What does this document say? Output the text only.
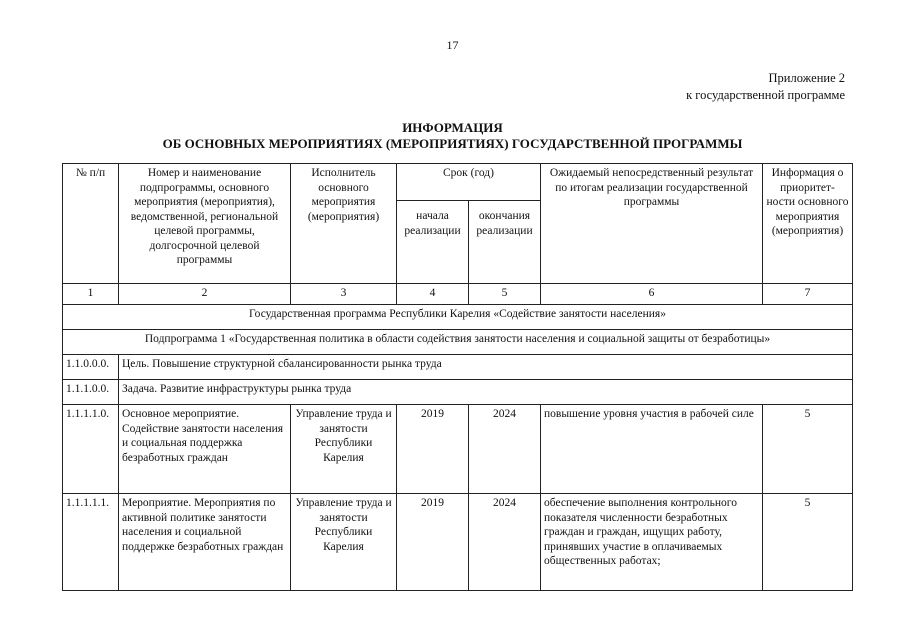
17
Приложение 2
к государственной программе
ИНФОРМАЦИЯ
ОБ ОСНОВНЫХ МЕРОПРИЯТИЯХ (МЕРОПРИЯТИЯХ) ГОСУДАРСТВЕННОЙ ПРОГРАММЫ
№ п/п	Номер и наименование подпрограммы, основного мероприятия (мероприятия), ведомственной, региональной целевой программы, долгосрочной целевой программы	Исполнитель основного мероприятия (мероприятия)	Срок (год)		Ожидаемый непосредственный результат по итогам реализации государственной программы	Информация о приоритет-ности основного мероприятия (мероприятия)
			начала реализации	окончания реализации		
1	2	3	4	5	6	7
Государственная программа Республики Карелия «Содействие занятости населения»						
Подпрограмма 1 «Государственная политика в области содействия занятости населения и социальной защиты от безработицы»						
1.1.0.0.0.	Цель. Повышение структурной сбалансированности рынка труда					
1.1.1.0.0.	Задача. Развитие инфраструктуры рынка труда					
1.1.1.1.0.	Основное мероприятие. Содействие занятости населения и социальная поддержка безработных граждан	Управление труда и занятости Республики Карелия	2019	2024	повышение уровня участия в рабочей силе	5
1.1.1.1.1.	Мероприятие. Мероприятия по активной политике занятости населения и социальной поддержке безработных граждан	Управление труда и занятости Республики Карелия	2019	2024	обеспечение выполнения контрольного показателя численности безработных граждан и граждан, ищущих работу, принявших участие в оплачиваемых общественных работах;	5
